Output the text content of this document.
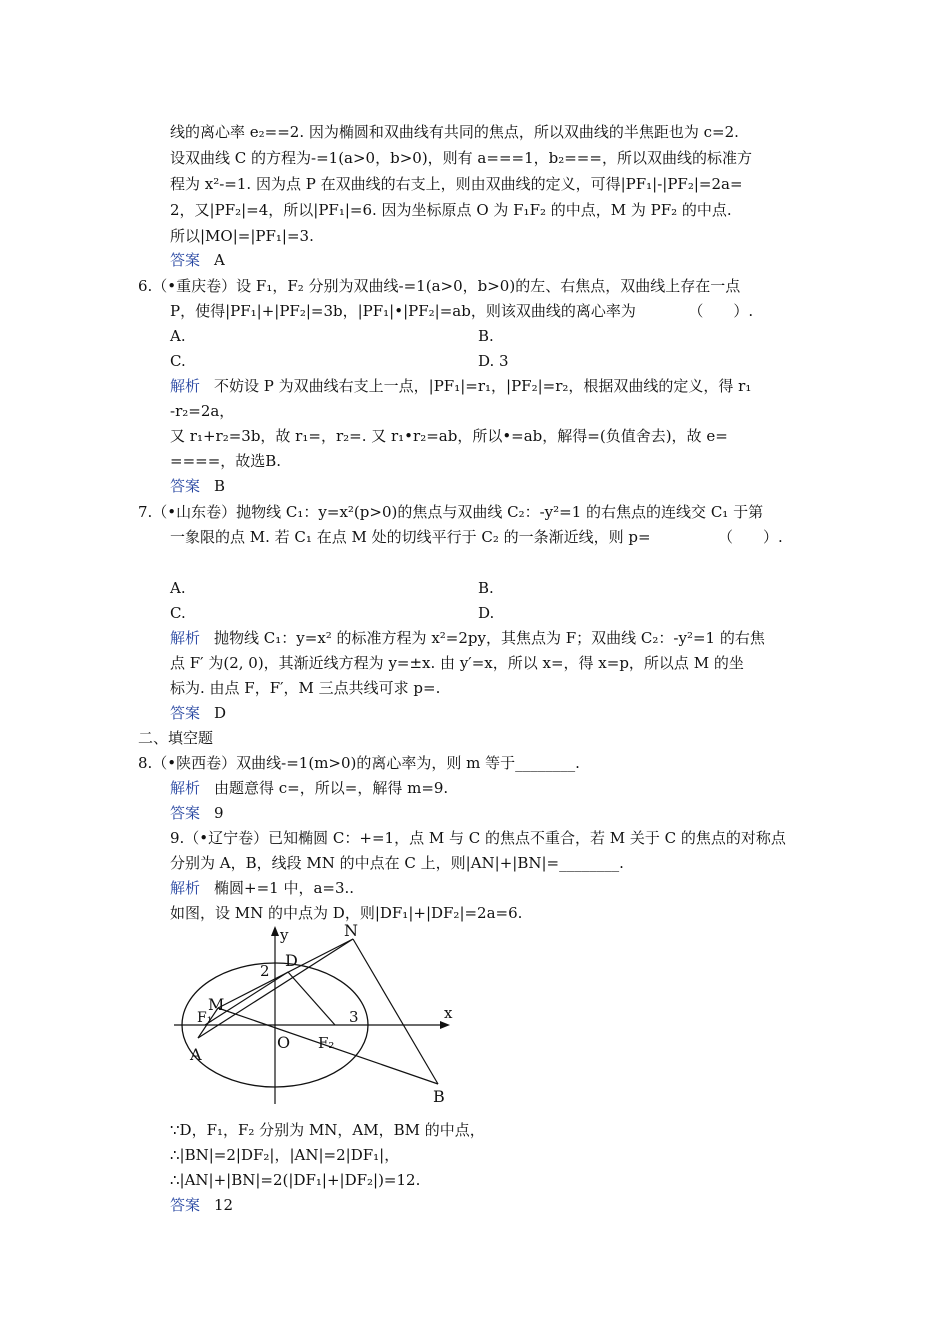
线的离心率 e₂==2. 因为椭圆和双曲线有共同的焦点，所以双曲线的半焦距也为 c=2.
设双曲线 C 的方程为-=1(a>0，b>0)，则有 a===1，b₂===，所以双曲线的标准方
程为 x²-=1. 因为点 P 在双曲线的右支上，则由双曲线的定义，可得|PF₁|-|PF₂|=2a=
2，又|PF₂|=4，所以|PF₁|=6. 因为坐标原点 O 为 F₁F₂ 的中点，M 为 PF₂ 的中点.
所以|MO|=|PF₁|=3.
答案 A
6.（•重庆卷）设 F₁，F₂ 分别为双曲线-=1(a>0，b>0)的左、右焦点，双曲线上存在一点
P，使得|PF₁|+|PF₂|=3b，|PF₁|•|PF₂|=ab，则该双曲线的离心率为　　　　（　　）.
A.	B.
C.	D. 3
解析 不妨设 P 为双曲线右支上一点，|PF₁|=r₁，|PF₂|=r₂，根据双曲线的定义，得 r₁
-r₂=2a，
又 r₁+r₂=3b，故 r₁=，r₂=. 又 r₁•r₂=ab，所以•=ab，解得=(负值舍去)，故 e=
====，故选B.
答案 B
7.（•山东卷）抛物线 C₁：y=x²(p>0)的焦点与双曲线 C₂：-y²=1 的右焦点的连线交 C₁ 于第
一象限的点 M. 若 C₁ 在点 M 处的切线平行于 C₂ 的一条渐近线，则 p=　　　　　（　　）.
A.	B.
C.	D.
解析 抛物线 C₁：y=x² 的标准方程为 x²=2py，其焦点为 F；双曲线 C₂：-y²=1 的右焦
点 F′ 为(2, 0)，其渐近线方程为 y=±x. 由 y′=x，所以 x=，得 x=p，所以点 M 的坐
标为. 由点 F，F′，M 三点共线可求 p=.
答案 D
二、填空题
8.（•陕西卷）双曲线-=1(m>0)的离心率为，则 m 等于________.
解析 由题意得 c=，所以=，解得 m=9.
答案 9
9.（•辽宁卷）已知椭圆 C：+=1，点 M 与 C 的焦点不重合，若 M 关于 C 的焦点的对称点
分别为 A，B，线段 MN 的中点在 C 上，则|AN|+|BN|=________.
解析 椭圆+=1 中，a=3..
如图，设 MN 的中点为 D，则|DF₁|+|DF₂|=2a=6.
y
x
N
2
D
M
F₁	3
O F₂
A
B
∵D，F₁，F₂ 分别为 MN，AM，BM 的中点，
∴|BN|=2|DF₂|，|AN|=2|DF₁|，
∴|AN|+|BN|=2(|DF₁|+|DF₂|)=12.
答案 12
